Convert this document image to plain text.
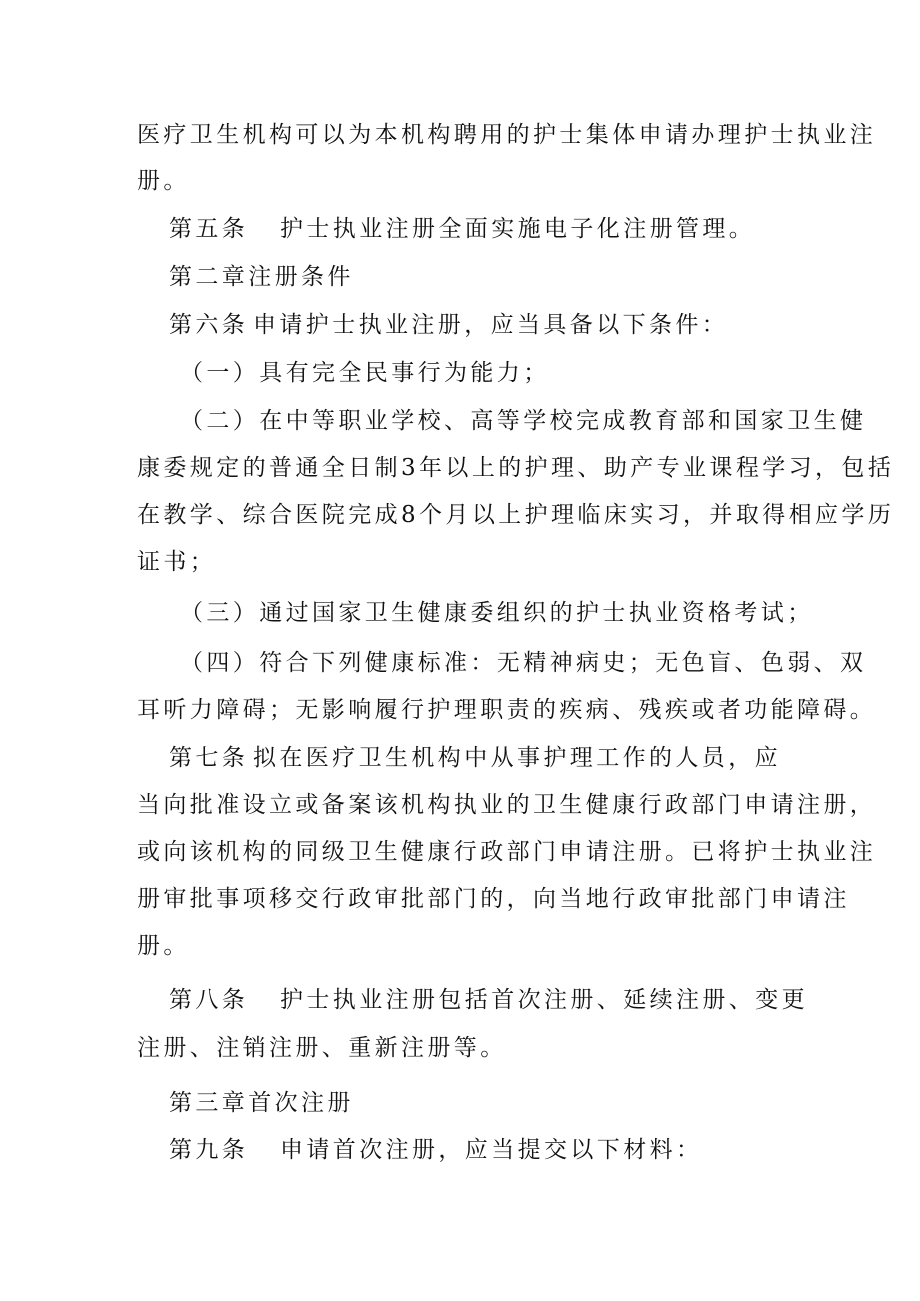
医疗卫生机构可以为本机构聘用的护士集体申请办理护士执业注
册。
第五条 护士执业注册全面实施电子化注册管理。
第二章注册条件
第六条 申请护士执业注册，应当具备以下条件：
（一）具有完全民事行为能力；
（二）在中等职业学校、高等学校完成教育部和国家卫生健
康委规定的普通全日制3年以上的护理、助产专业课程学习，包括
在教学、综合医院完成8个月以上护理临床实习，并取得相应学历
证书；
（三）通过国家卫生健康委组织的护士执业资格考试；
（四）符合下列健康标准：无精神病史；无色盲、色弱、双
耳听力障碍；无影响履行护理职责的疾病、残疾或者功能障碍。
第七条 拟在医疗卫生机构中从事护理工作的人员，应
当向批准设立或备案该机构执业的卫生健康行政部门申请注册，
或向该机构的同级卫生健康行政部门申请注册。已将护士执业注
册审批事项移交行政审批部门的，向当地行政审批部门申请注
册。
第八条 护士执业注册包括首次注册、延续注册、变更
注册、注销注册、重新注册等。
第三章首次注册
第九条 申请首次注册，应当提交以下材料：
